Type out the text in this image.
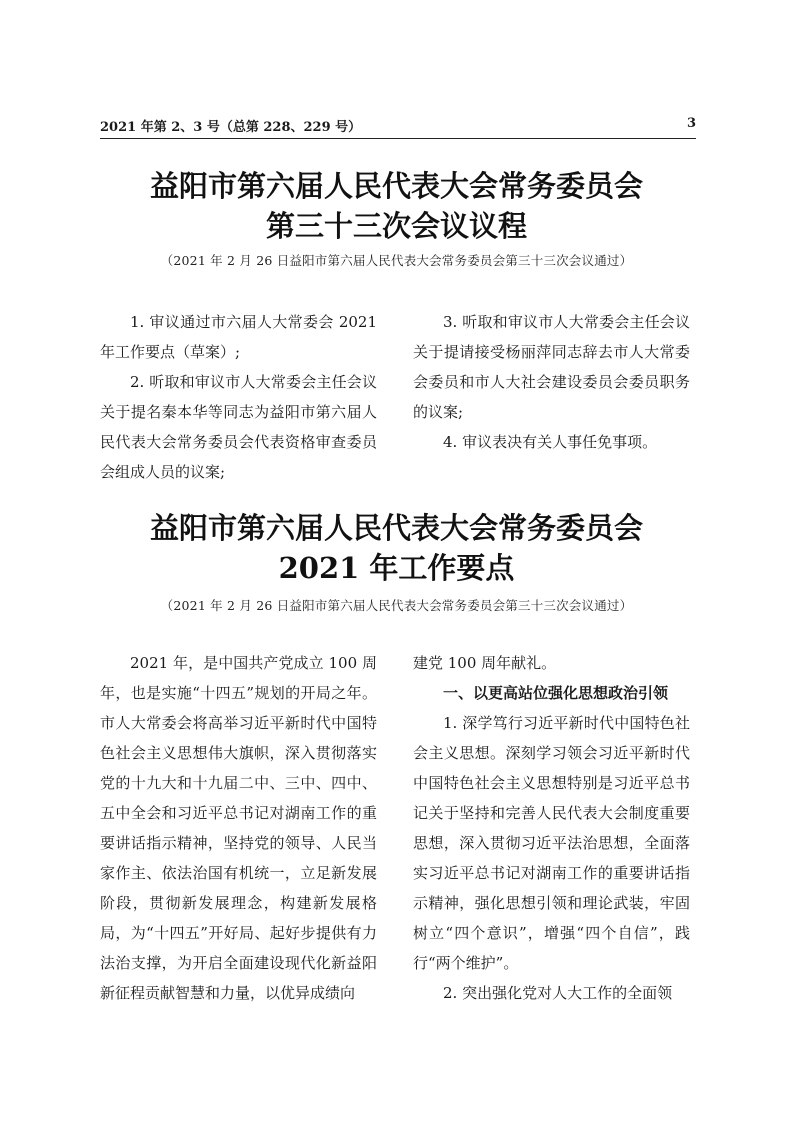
2021 年第 2、3 号（总第 228、229 号）	3
益阳市第六届人民代表大会常务委员会
第三十三次会议议程
（2021 年 2 月 26 日益阳市第六届人民代表大会常务委员会第三十三次会议通过）

1. 审议通过市六届人大常委会 2021 年工作要点（草案）;

2. 听取和审议市人大常委会主任会议关于提名秦本华等同志为益阳市第六届人民代表大会常务委员会代表资格审查委员会组成人员的议案;

3. 听取和审议市人大常委会主任会议关于提请接受杨丽萍同志辞去市人大常委会委员和市人大社会建设委员会委员职务的议案;

4. 审议表决有关人事任免事项。

益阳市第六届人民代表大会常务委员会
2021 年工作要点
（2021 年 2 月 26 日益阳市第六届人民代表大会常务委员会第三十三次会议通过）

2021 年，是中国共产党成立 100 周年，也是实施“十四五”规划的开局之年。市人大常委会将高举习近平新时代中国特色社会主义思想伟大旗帜，深入贯彻落实党的十九大和十九届二中、三中、四中、五中全会和习近平总书记对湖南工作的重要讲话指示精神，坚持党的领导、人民当家作主、依法治国有机统一，立足新发展阶段，贯彻新发展理念，构建新发展格局，为“十四五”开好局、起好步提供有力法治支撑，为开启全面建设现代化新益阳新征程贡献智慧和力量，以优异成绩向

建党 100 周年献礼。

一、以更高站位强化思想政治引领

1. 深学笃行习近平新时代中国特色社会主义思想。深刻学习领会习近平新时代中国特色社会主义思想特别是习近平总书记关于坚持和完善人民代表大会制度重要思想，深入贯彻习近平法治思想，全面落实习近平总书记对湖南工作的重要讲话指示精神，强化思想引领和理论武装，牢固树立“四个意识”，增强“四个自信”，践行“两个维护”。

2. 突出强化党对人大工作的全面领
